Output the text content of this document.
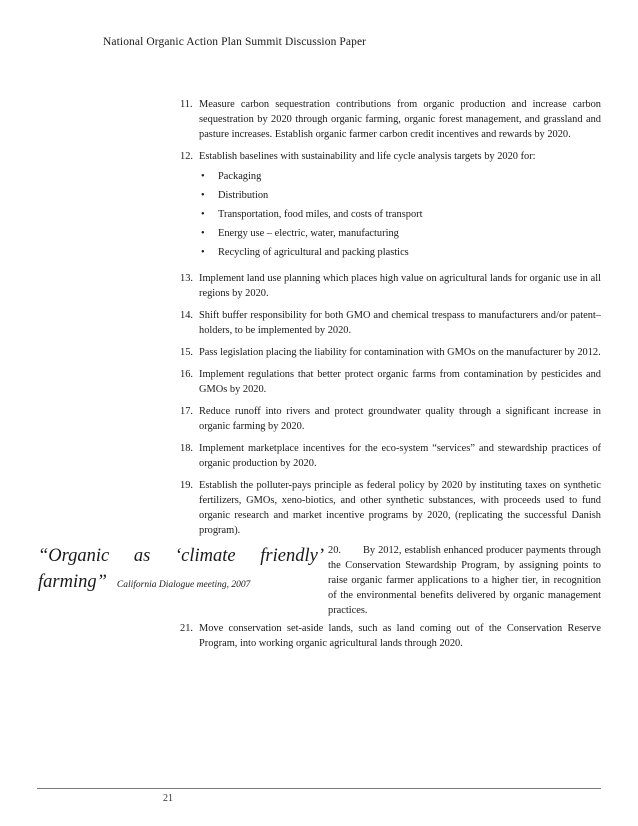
National Organic Action Plan Summit Discussion Paper
11. Measure carbon sequestration contributions from organic production and increase carbon sequestration by 2020 through organic farming, organic forest management, and grassland and pasture increases. Establish organic farmer carbon credit incentives and rewards by 2020.
12. Establish baselines with sustainability and life cycle analysis targets by 2020 for:
•	Packaging
•	Distribution
•	Transportation, food miles, and costs of transport
•	Energy use – electric, water, manufacturing
•	Recycling of agricultural and packing plastics
13. Implement land use planning which places high value on agricultural lands for organic use in all regions by 2020.
14. Shift buffer responsibility for both GMO and chemical trespass to manufacturers and/or patent–holders, to be implemented by 2020.
15. Pass legislation placing the liability for contamination with GMOs on the manufacturer by 2012.
16. Implement regulations that better protect organic farms from contamination by pesticides and GMOs by 2020.
17. Reduce runoff into rivers and protect groundwater quality through a significant increase in organic farming by 2020.
18. Implement marketplace incentives for the eco-system “services” and stewardship practices of organic production by 2020.
19. Establish the polluter-pays principle as federal policy by 2020 by instituting taxes on synthetic fertilizers, GMOs, xeno-biotics, and other synthetic substances, with proceeds used to fund organic research and market incentive programs by 2020, (replicating the successful Danish program).
“Organic as ‘climate friendly’
farming” California Dialogue meeting, 2007
20. By 2012, establish enhanced producer payments through the Conservation Stewardship Program, by assigning points to raise organic farmer applications to a higher tier, in recognition of the environmental benefits delivered by organic management practices.
21. Move conservation set-aside lands, such as land coming out of the Conservation Reserve Program, into working organic agricultural lands through 2020.
21
